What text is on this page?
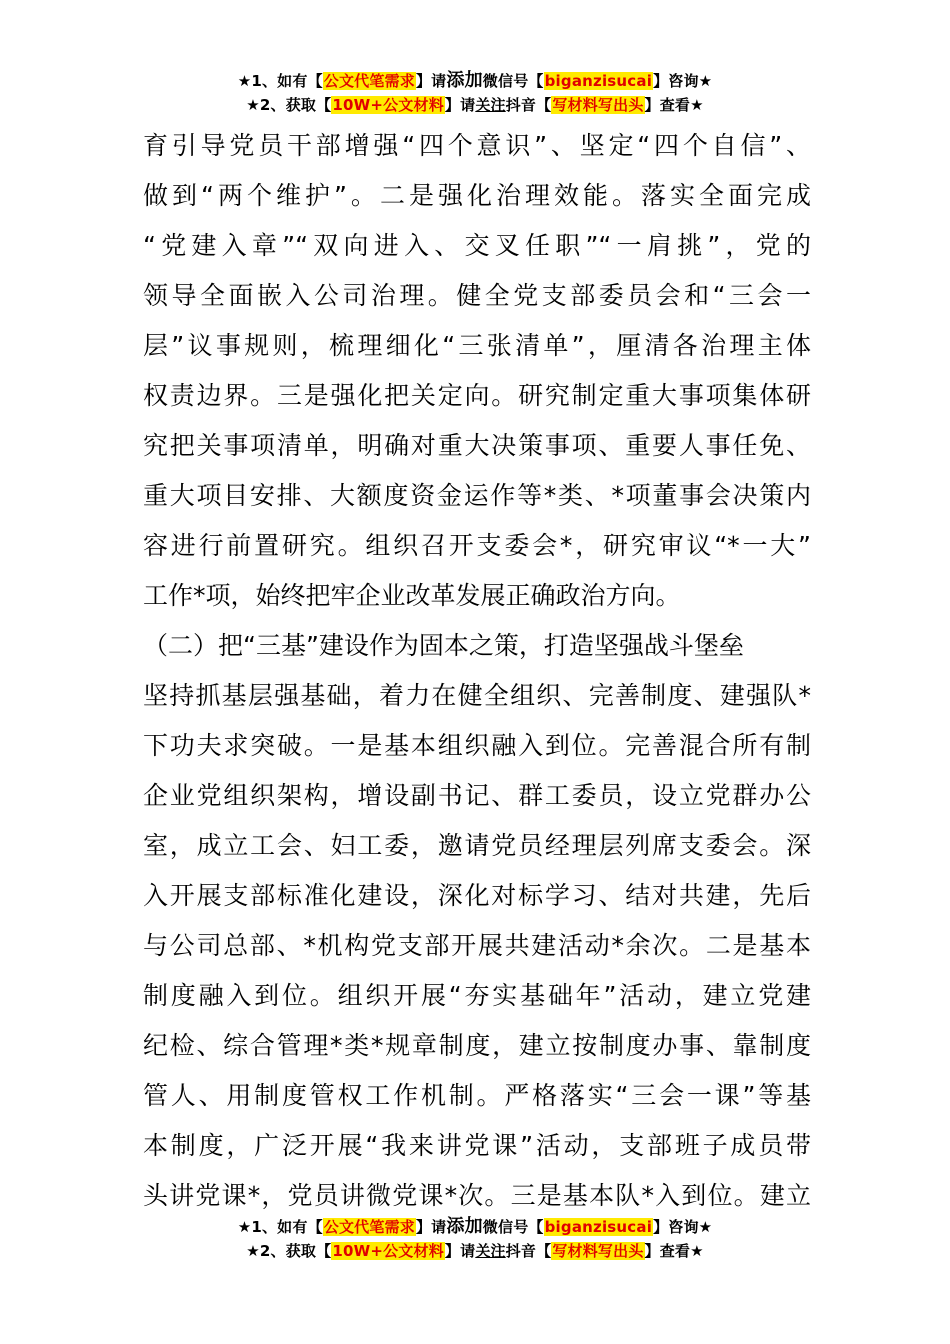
★1、如有【公文代笔需求】请添加微信号【biganzisucai】咨询★
★2、获取【10W+公文材料】请关注抖音【写材料写出头】查看★
育引导党员干部增强“四个意识”、坚定“四个自信”、
做到“两个维护”。二是强化治理效能。落实全面完成
“党建入章”“双向进入、交叉任职”“一肩挑”，党的
领导全面嵌入公司治理。健全党支部委员会和“三会一
层”议事规则，梳理细化“三张清单”，厘清各治理主体
权责边界。三是强化把关定向。研究制定重大事项集体研
究把关事项清单，明确对重大决策事项、重要人事任免、
重大项目安排、大额度资金运作等*类、*项董事会决策内
容进行前置研究。组织召开支委会*，研究审议“*一大”
工作*项，始终把牢企业改革发展正确政治方向。
（二）把“三基”建设作为固本之策，打造坚强战斗堡垒
坚持抓基层强基础，着力在健全组织、完善制度、建强队*
下功夫求突破。一是基本组织融入到位。完善混合所有制
企业党组织架构，增设副书记、群工委员，设立党群办公
室，成立工会、妇工委，邀请党员经理层列席支委会。深
入开展支部标准化建设，深化对标学习、结对共建，先后
与公司总部、*机构党支部开展共建活动*余次。二是基本
制度融入到位。组织开展“夯实基础年”活动，建立党建
纪检、综合管理*类*规章制度，建立按制度办事、靠制度
管人、用制度管权工作机制。严格落实“三会一课”等基
本制度，广泛开展“我来讲党课”活动，支部班子成员带
头讲党课*，党员讲微党课*次。三是基本队*入到位。建立
★1、如有【公文代笔需求】请添加微信号【biganzisucai】咨询★
★2、获取【10W+公文材料】请关注抖音【写材料写出头】查看★
